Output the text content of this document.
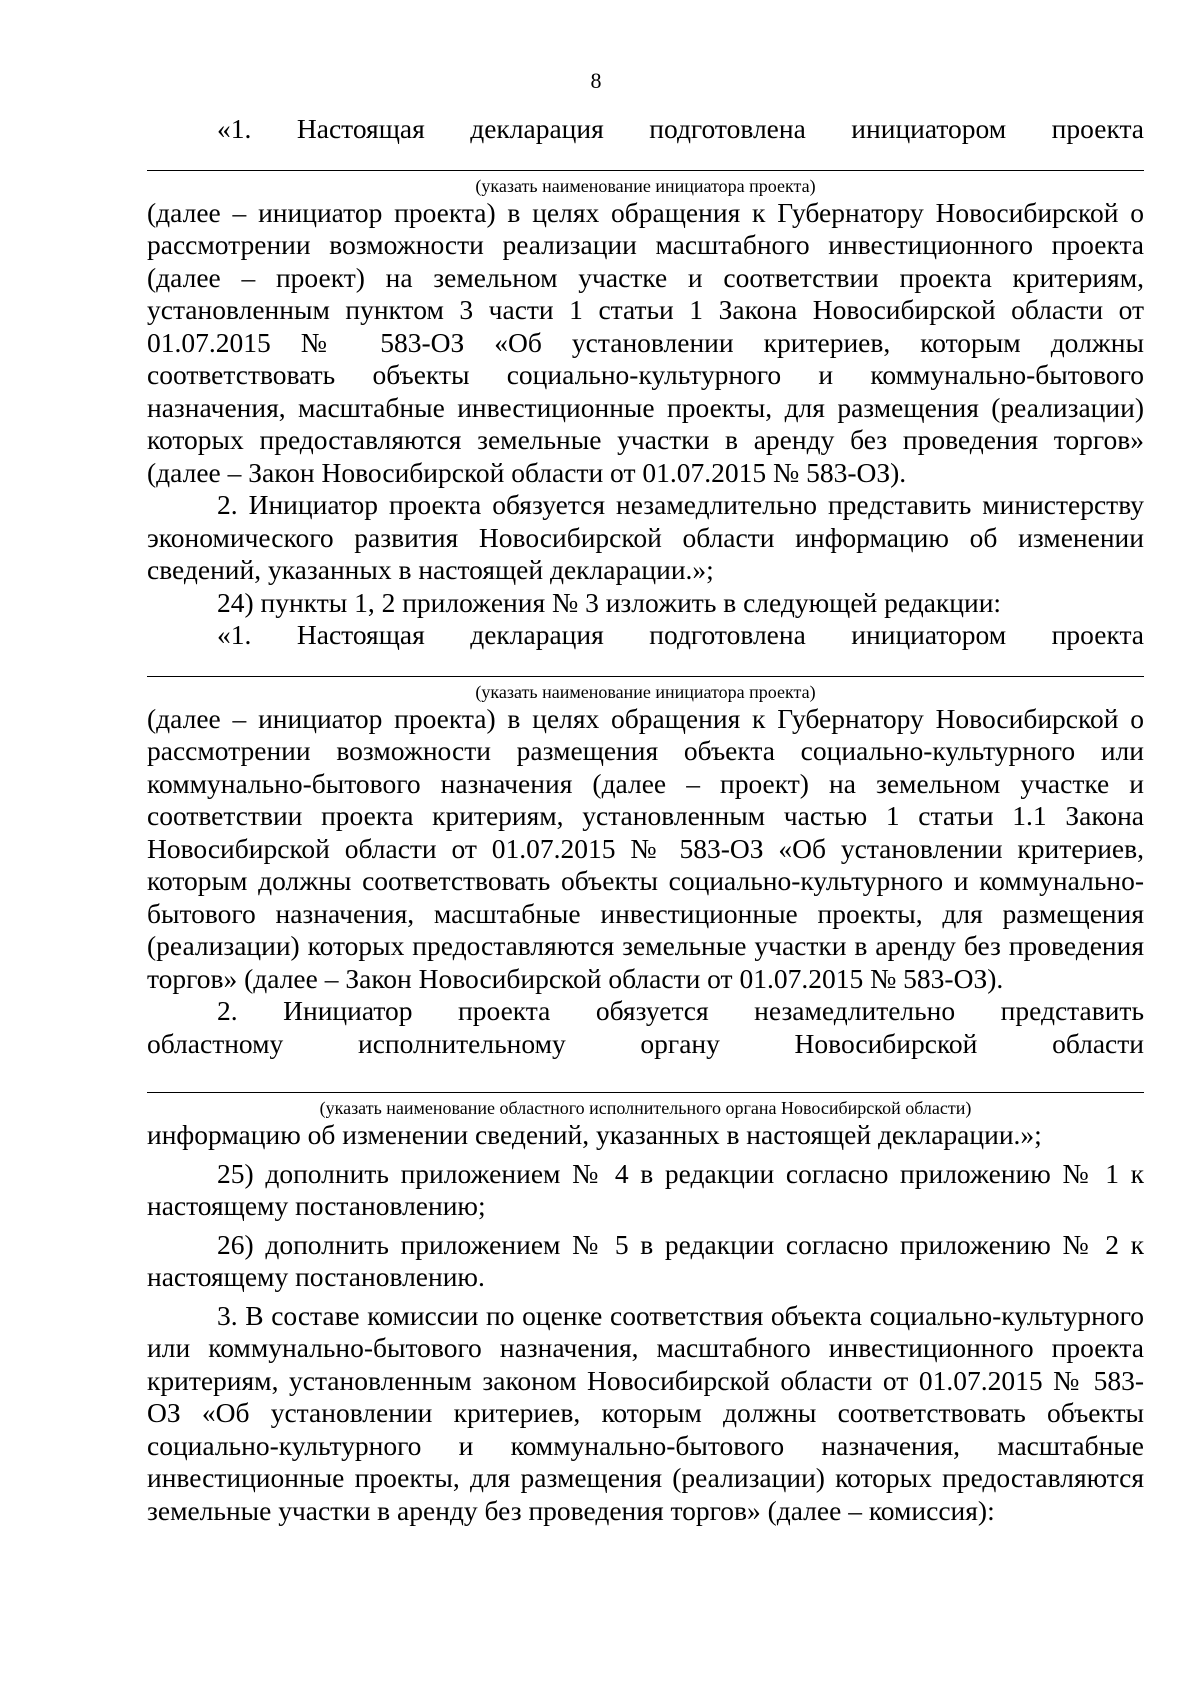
8

«1. Настоящая декларация подготовлена инициатором проекта

(указать наименование инициатора проекта)

(далее – инициатор проекта) в целях обращения к Губернатору Новосибирской о рассмотрении возможности реализации масштабного инвестиционного проекта (далее – проект) на земельном участке и соответствии проекта критериям, установленным пунктом 3 части 1 статьи 1 Закона Новосибирской области от 01.07.2015 № 583-ОЗ «Об установлении критериев, которым должны соответствовать объекты социально-культурного и коммунально-бытового назначения, масштабные инвестиционные проекты, для размещения (реализации) которых предоставляются земельные участки в аренду без проведения торгов» (далее – Закон Новосибирской области от 01.07.2015 № 583-ОЗ).

2. Инициатор проекта обязуется незамедлительно представить министерству экономического развития Новосибирской области информацию об изменении сведений, указанных в настоящей декларации.»;

24) пункты 1, 2 приложения № 3 изложить в следующей редакции:

«1. Настоящая декларация подготовлена инициатором проекта

(указать наименование инициатора проекта)

(далее – инициатор проекта) в целях обращения к Губернатору Новосибирской о рассмотрении возможности размещения объекта социально-культурного или коммунально-бытового назначения (далее – проект) на земельном участке и соответствии проекта критериям, установленным частью 1 статьи 1.1 Закона Новосибирской области от 01.07.2015 № 583-ОЗ «Об установлении критериев, которым должны соответствовать объекты социально-культурного и коммунально-бытового назначения, масштабные инвестиционные проекты, для размещения (реализации) которых предоставляются земельные участки в аренду без проведения торгов» (далее – Закон Новосибирской области от 01.07.2015 № 583-ОЗ).

2. Инициатор проекта обязуется незамедлительно представить

областному исполнительному органу Новосибирской области

(указать наименование областного исполнительного органа Новосибирской области)

информацию об изменении сведений, указанных в настоящей декларации.»;

25) дополнить приложением № 4 в редакции согласно приложению № 1 к настоящему постановлению;

26) дополнить приложением № 5 в редакции согласно приложению № 2 к настоящему постановлению.

3. В составе комиссии по оценке соответствия объекта социально-культурного или коммунально-бытового назначения, масштабного инвестиционного проекта критериям, установленным законом Новосибирской области от 01.07.2015 № 583-ОЗ «Об установлении критериев, которым должны соответствовать объекты социально-культурного и коммунально-бытового назначения, масштабные инвестиционные проекты, для размещения (реализации) которых предоставляются земельные участки в аренду без проведения торгов» (далее – комиссия):
